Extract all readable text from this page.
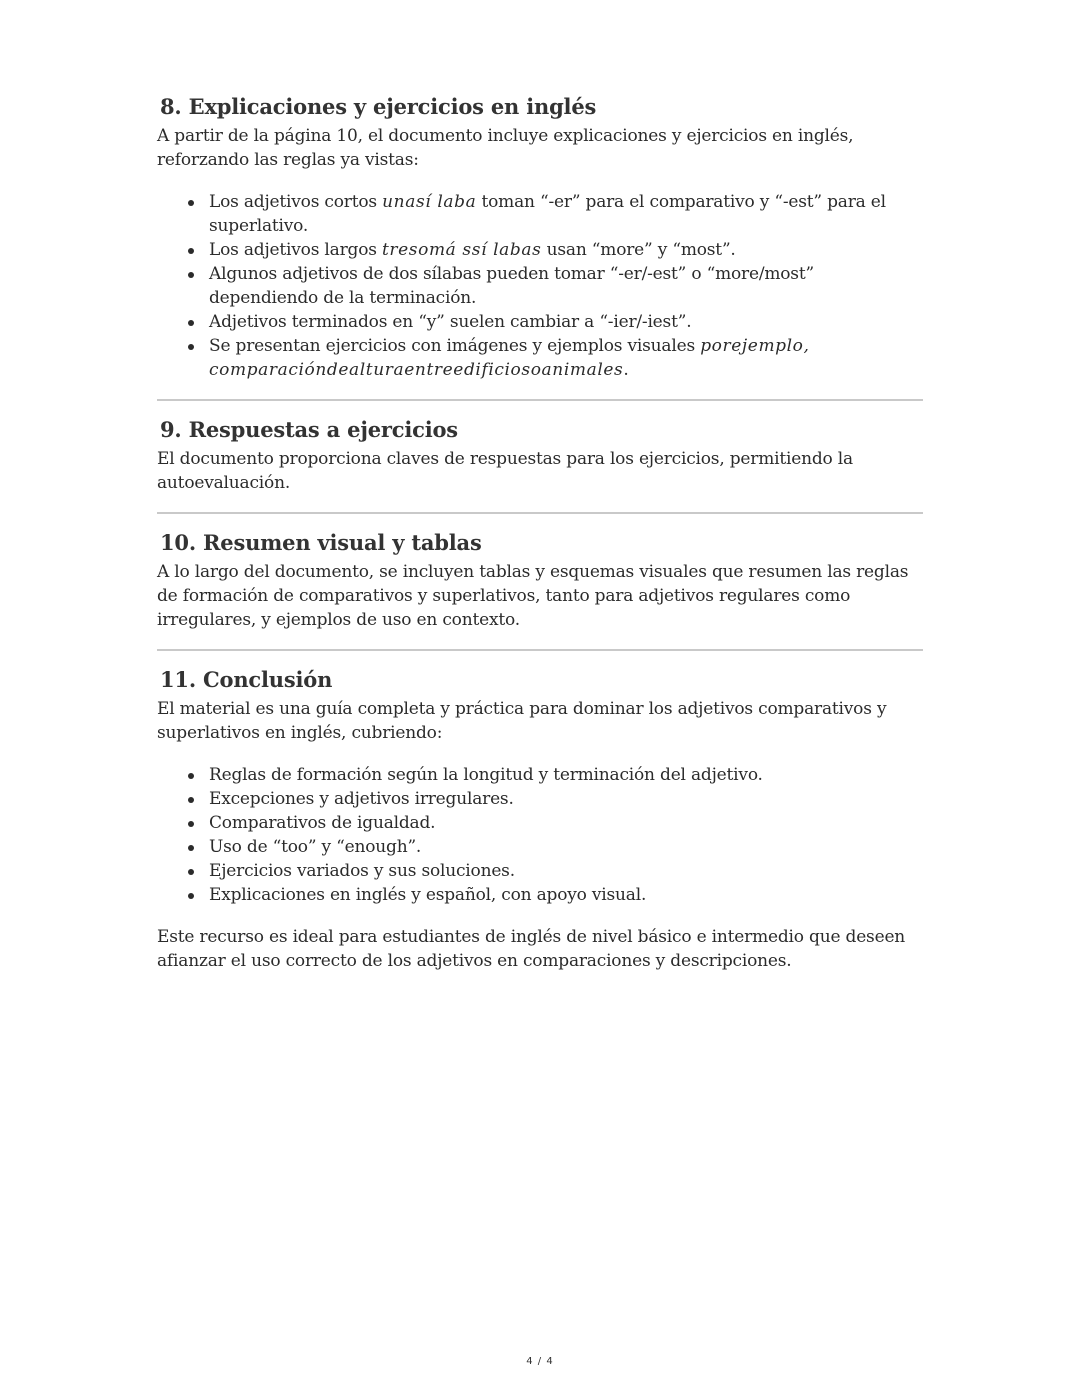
8. Explicaciones y ejercicios en inglés

A partir de la página 10, el documento incluye explicaciones y ejercicios en inglés, reforzando las reglas ya vistas:

Los adjetivos cortos unasí laba toman “-er” para el comparativo y “-est” para el superlativo.
Los adjetivos largos tresomá ssí labas usan “more” y “most”.
Algunos adjetivos de dos sílabas pueden tomar “-er/-est” o “more/most” dependiendo de la terminación.
Adjetivos terminados en “y” suelen cambiar a “-ier/-iest”.
Se presentan ejercicios con imágenes y ejemplos visuales porejemplo, comparacióndealturaentreedificiosoanimales.
9. Respuestas a ejercicios

El documento proporciona claves de respuestas para los ejercicios, permitiendo la autoevaluación.

10. Resumen visual y tablas

A lo largo del documento, se incluyen tablas y esquemas visuales que resumen las reglas de formación de comparativos y superlativos, tanto para adjetivos regulares como irregulares, y ejemplos de uso en contexto.

11. Conclusión

El material es una guía completa y práctica para dominar los adjetivos comparativos y superlativos en inglés, cubriendo:

Reglas de formación según la longitud y terminación del adjetivo.
Excepciones y adjetivos irregulares.
Comparativos de igualdad.
Uso de “too” y “enough”.
Ejercicios variados y sus soluciones.
Explicaciones en inglés y español, con apoyo visual.

Este recurso es ideal para estudiantes de inglés de nivel básico e intermedio que deseen afianzar el uso correcto de los adjetivos en comparaciones y descripciones.

4 / 4
